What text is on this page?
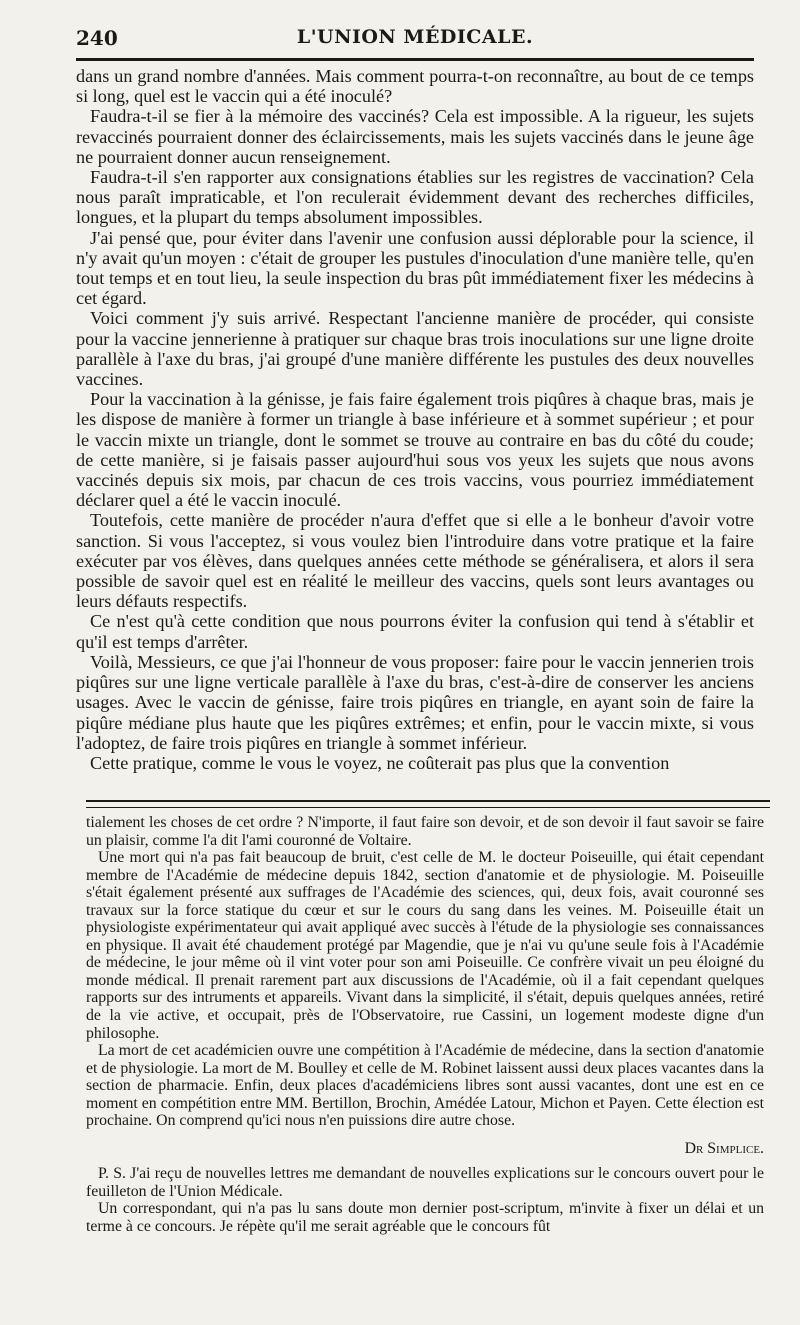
240	L'UNION MÉDICALE.

dans un grand nombre d'années. Mais comment pourra-t-on reconnaître, au bout de ce temps si long, quel est le vaccin qui a été inoculé?

Faudra-t-il se fier à la mémoire des vaccinés? Cela est impossible. A la rigueur, les sujets revaccinés pourraient donner des éclaircissements, mais les sujets vaccinés dans le jeune âge ne pourraient donner aucun renseignement.

Faudra-t-il s'en rapporter aux consignations établies sur les registres de vaccination? Cela nous paraît impraticable, et l'on reculerait évidemment devant des recherches difficiles, longues, et la plupart du temps absolument impossibles.

J'ai pensé que, pour éviter dans l'avenir une confusion aussi déplorable pour la science, il n'y avait qu'un moyen : c'était de grouper les pustules d'inoculation d'une manière telle, qu'en tout temps et en tout lieu, la seule inspection du bras pût immédiatement fixer les médecins à cet égard.

Voici comment j'y suis arrivé. Respectant l'ancienne manière de procéder, qui consiste pour la vaccine jennerienne à pratiquer sur chaque bras trois inoculations sur une ligne droite parallèle à l'axe du bras, j'ai groupé d'une manière différente les pustules des deux nouvelles vaccines.

Pour la vaccination à la génisse, je fais faire également trois piqûres à chaque bras, mais je les dispose de manière à former un triangle à base inférieure et à sommet supérieur ; et pour le vaccin mixte un triangle, dont le sommet se trouve au contraire en bas du côté du coude; de cette manière, si je faisais passer aujourd'hui sous vos yeux les sujets que nous avons vaccinés depuis six mois, par chacun de ces trois vaccins, vous pourriez immédiatement déclarer quel a été le vaccin inoculé.

Toutefois, cette manière de procéder n'aura d'effet que si elle a le bonheur d'avoir votre sanction. Si vous l'acceptez, si vous voulez bien l'introduire dans votre pratique et la faire exécuter par vos élèves, dans quelques années cette méthode se généralisera, et alors il sera possible de savoir quel est en réalité le meilleur des vaccins, quels sont leurs avantages ou leurs défauts respectifs.

Ce n'est qu'à cette condition que nous pourrons éviter la confusion qui tend à s'établir et qu'il est temps d'arrêter.

Voilà, Messieurs, ce que j'ai l'honneur de vous proposer: faire pour le vaccin jennerien trois piqûres sur une ligne verticale parallèle à l'axe du bras, c'est-à-dire de conserver les anciens usages. Avec le vaccin de génisse, faire trois piqûres en triangle, en ayant soin de faire la piqûre médiane plus haute que les piqûres extrêmes; et enfin, pour le vaccin mixte, si vous l'adoptez, de faire trois piqûres en triangle à sommet inférieur.

Cette pratique, comme le vous le voyez, ne coûterait pas plus que la convention

tialement les choses de cet ordre ? N'importe, il faut faire son devoir, et de son devoir il faut savoir se faire un plaisir, comme l'a dit l'ami couronné de Voltaire.

Une mort qui n'a pas fait beaucoup de bruit, c'est celle de M. le docteur Poiseuille, qui était cependant membre de l'Académie de médecine depuis 1842, section d'anatomie et de physiologie. M. Poiseuille s'était également présenté aux suffrages de l'Académie des sciences, qui, deux fois, avait couronné ses travaux sur la force statique du cœur et sur le cours du sang dans les veines. M. Poiseuille était un physiologiste expérimentateur qui avait appliqué avec succès à l'étude de la physiologie ses connaissances en physique. Il avait été chaudement protégé par Magendie, que je n'ai vu qu'une seule fois à l'Académie de médecine, le jour même où il vint voter pour son ami Poiseuille. Ce confrère vivait un peu éloigné du monde médical. Il prenait rarement part aux discussions de l'Académie, où il a fait cependant quelques rapports sur des intruments et appareils. Vivant dans la simplicité, il s'était, depuis quelques années, retiré de la vie active, et occupait, près de l'Observatoire, rue Cassini, un logement modeste digne d'un philosophe.

La mort de cet académicien ouvre une compétition à l'Académie de médecine, dans la section d'anatomie et de physiologie. La mort de M. Boulley et celle de M. Robinet laissent aussi deux places vacantes dans la section de pharmacie. Enfin, deux places d'académiciens libres sont aussi vacantes, dont une est en ce moment en compétition entre MM. Bertillon, Brochin, Amédée Latour, Michon et Payen. Cette élection est prochaine. On comprend qu'ici nous n'en puissions dire autre chose.

Dr Simplice.

P. S. J'ai reçu de nouvelles lettres me demandant de nouvelles explications sur le concours ouvert pour le feuilleton de l'Union Médicale.

Un correspondant, qui n'a pas lu sans doute mon dernier post-scriptum, m'invite à fixer un délai et un terme à ce concours. Je répète qu'il me serait agréable que le concours fût
